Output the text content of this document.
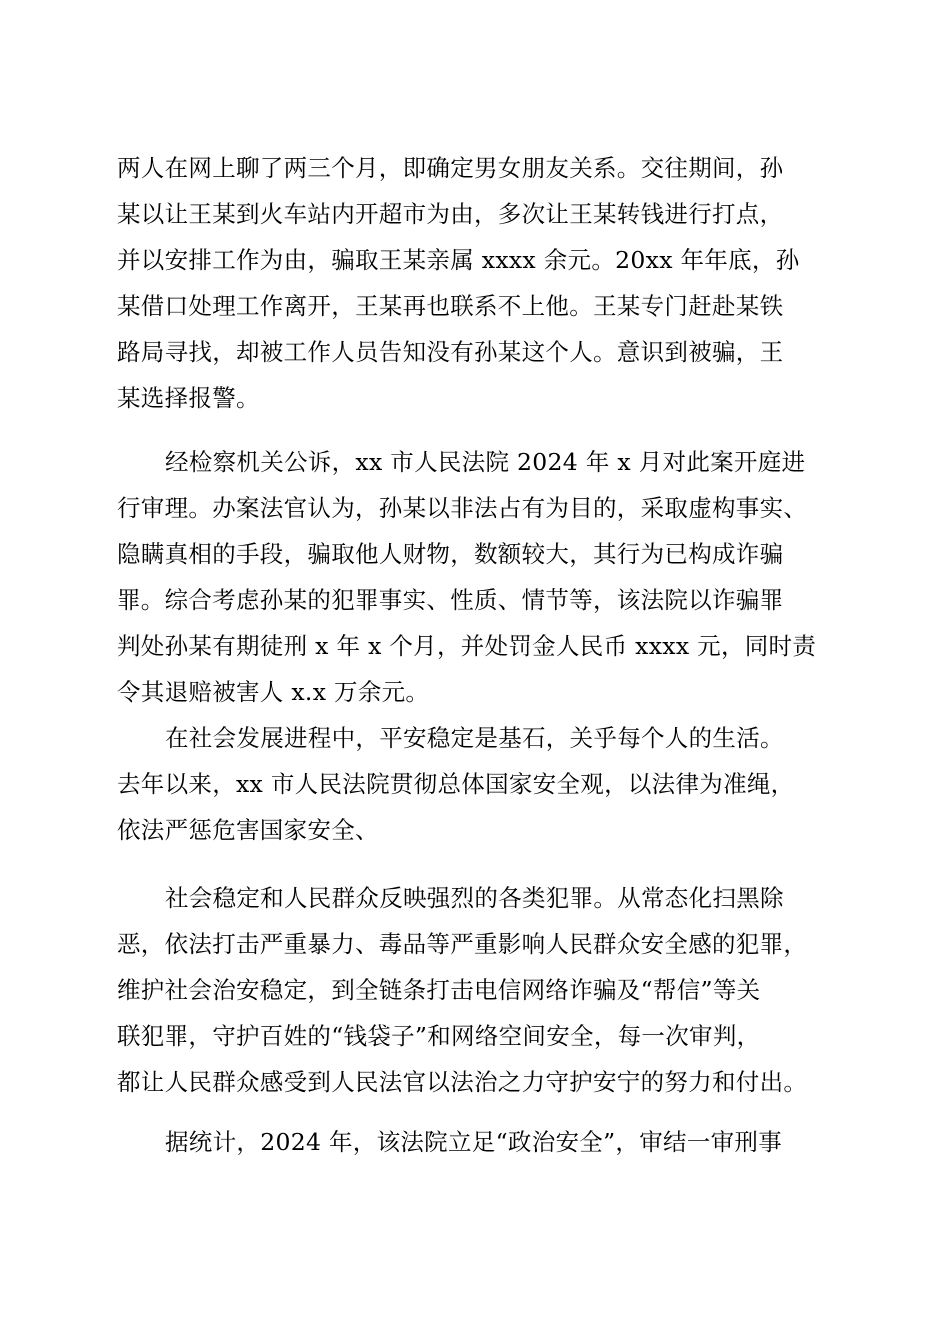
两人在网上聊了两三个月，即确定男女朋友关系。交往期间，孙
某以让王某到火车站内开超市为由，多次让王某转钱进行打点，
并以安排工作为由，骗取王某亲属 xxxx 余元。20xx 年年底，孙
某借口处理工作离开，王某再也联系不上他。王某专门赶赴某铁
路局寻找，却被工作人员告知没有孙某这个人。意识到被骗，王
某选择报警。
经检察机关公诉，xx 市人民法院 2024 年 x 月对此案开庭进
行审理。办案法官认为，孙某以非法占有为目的，采取虚构事实、
隐瞒真相的手段，骗取他人财物，数额较大，其行为已构成诈骗
罪。综合考虑孙某的犯罪事实、性质、情节等，该法院以诈骗罪
判处孙某有期徒刑 x 年 x 个月，并处罚金人民币 xxxx 元，同时责
令其退赔被害人 x.x 万余元。
在社会发展进程中，平安稳定是基石，关乎每个人的生活。
去年以来，xx 市人民法院贯彻总体国家安全观，以法律为准绳，
依法严惩危害国家安全、
社会稳定和人民群众反映强烈的各类犯罪。从常态化扫黑除
恶，依法打击严重暴力、毒品等严重影响人民群众安全感的犯罪，
维护社会治安稳定，到全链条打击电信网络诈骗及“帮信”等关
联犯罪，守护百姓的“钱袋子”和网络空间安全，每一次审判，
都让人民群众感受到人民法官以法治之力守护安宁的努力和付出。
据统计，2024 年，该法院立足“政治安全”，审结一审刑事
